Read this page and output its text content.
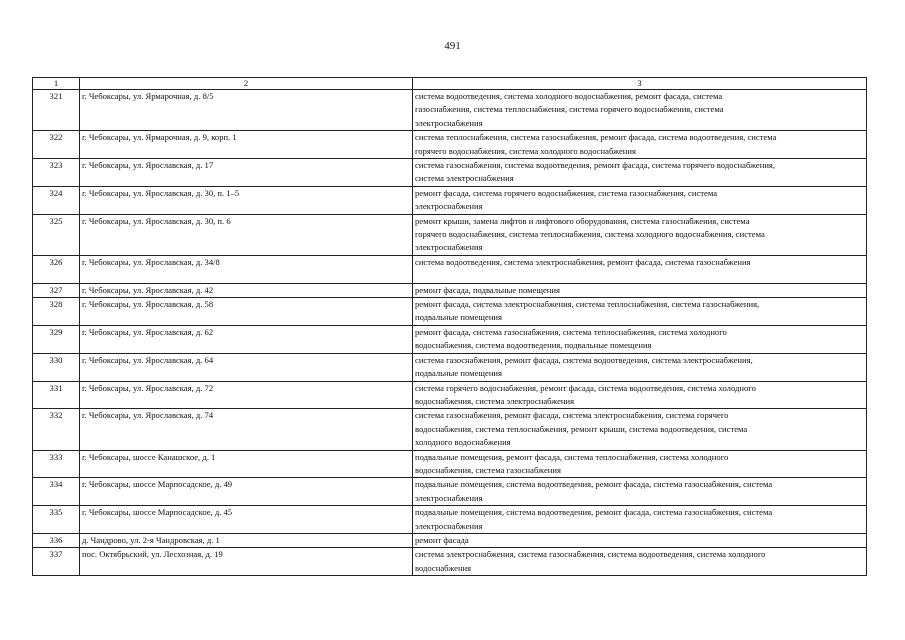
491
1	2	3
321	г. Чебоксары, ул. Ярмарочная, д. 8/5	система водоотведения, система холодного водоснабжения, ремонт фасада, система
газоснабжения, система теплоснабжения, система горячего водоснабжения, система
электроснабжения

322	г. Чебоксары, ул. Ярмарочная, д. 9, корп. 1	система теплоснабжения, система газоснабжения, ремонт фасада, система водоотведения, система
горячего водоснабжения, система холодного водоснабжения

323	г. Чебоксары, ул. Ярославская, д. 17	система газоснабжения, система водоотведения, ремонт фасада, система горячего водоснабжения,
система электроснабжения

324	г. Чебоксары, ул. Ярославская, д. 30, п. 1–5	ремонт фасада, система горячего водоснабжения, система газоснабжения, система
электроснабжения

325	г. Чебоксары, ул. Ярославская, д. 30, п. 6	ремонт крыши, замена лифтов и лифтового оборудования, система газоснабжения, система
горячего водоснабжения, система теплоснабжения, система холодного водоснабжения, система
электроснабжения

326	г. Чебоксары, ул. Ярославская, д. 34/8	система водоотведения, система электроснабжения, ремонт фасада, система газоснабжения

327	г. Чебоксары, ул. Ярославская, д. 42	ремонт фасада, подвальные помещения

328	г. Чебоксары, ул. Ярославская, д. 58	ремонт фасада, система электроснабжения, система теплоснабжения, система газоснабжения,
подвальные помещения

329	г. Чебоксары, ул. Ярославская, д. 62	ремонт фасада, система газоснабжения, система теплоснабжения, система холодного
водоснабжения, система водоотведения, подвальные помещения

330	г. Чебоксары, ул. Ярославская, д. 64	система газоснабжения, ремонт фасада, система водоотведения, система электроснабжения,
подвальные помещения

331	г. Чебоксары, ул. Ярославская, д. 72	система горячего водоснабжения, ремонт фасада, система водоотведения, система холодного
водоснабжения, система электроснабжения

332	г. Чебоксары, ул. Ярославская, д. 74	система газоснабжения, ремонт фасада, система электроснабжения, система горячего
водоснабжения, система теплоснабжения, ремонт крыши, система водоотведения, система
холодного водоснабжения

333	г. Чебоксары, шоссе Канашское, д. 1	подвальные помещения, ремонт фасада, система теплоснабжения, система холодного
водоснабжения, система газоснабжения

334	г. Чебоксары, шоссе Марпосадское, д. 49	подвальные помещения, система водоотведения, ремонт фасада, система газоснабжения, система
электроснабжения

335	г. Чебоксары, шоссе Марпосадское, д. 45	подвальные помещения, система водоотведения, ремонт фасада, система газоснабжения, система
электроснабжения

336	д. Чандрово, ул. 2-я Чандровская, д. 1	ремонт фасада

337	пос. Октябрьский, ул. Лесхозная, д. 19	система электроснабжения, система газоснабжения, система водоотведения, система холодного
водоснабжения
